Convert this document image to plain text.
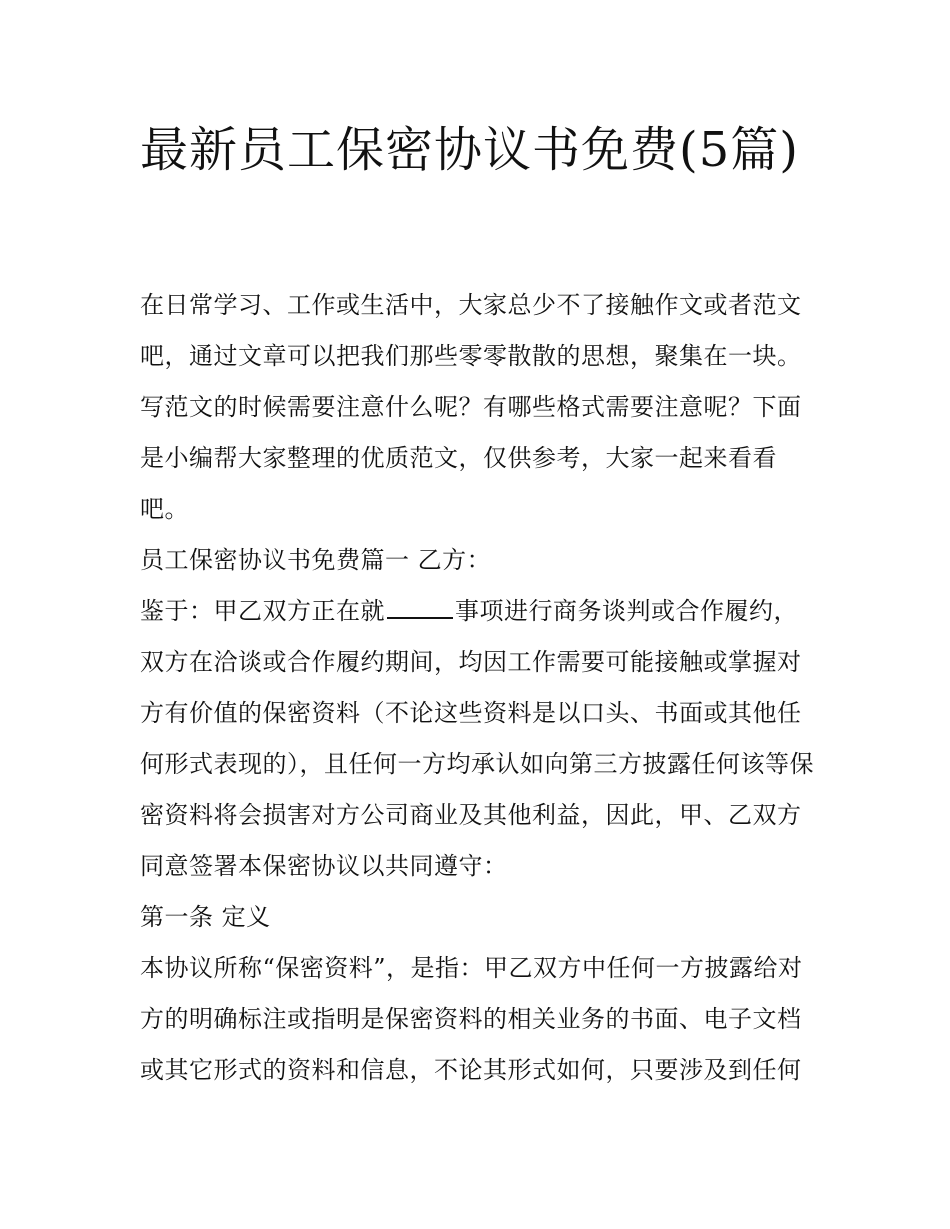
最新员工保密协议书免费(5篇)

在日常学习、工作或生活中，大家总少不了接触作文或者范文吧，通过文章可以把我们那些零零散散的思想，聚集在一块。写范文的时候需要注意什么呢？有哪些格式需要注意呢？下面是小编帮大家整理的优质范文，仅供参考，大家一起来看看吧。

员工保密协议书免费篇一 乙方：

鉴于：甲乙双方正在就	事项进行商务谈判或合作履约，双方在洽谈或合作履约期间，均因工作需要可能接触或掌握对方有价值的保密资料（不论这些资料是以口头、书面或其他任何形式表现的），且任何一方均承认如向第三方披露任何该等保密资料将会损害对方公司商业及其他利益，因此，甲、乙双方同意签署本保密协议以共同遵守：

第一条 定义

本协议所称“保密资料”，是指：甲乙双方中任何一方披露给对方的明确标注或指明是保密资料的相关业务的书面、电子文档或其它形式的资料和信息，不论其形式如何，只要涉及到任何
